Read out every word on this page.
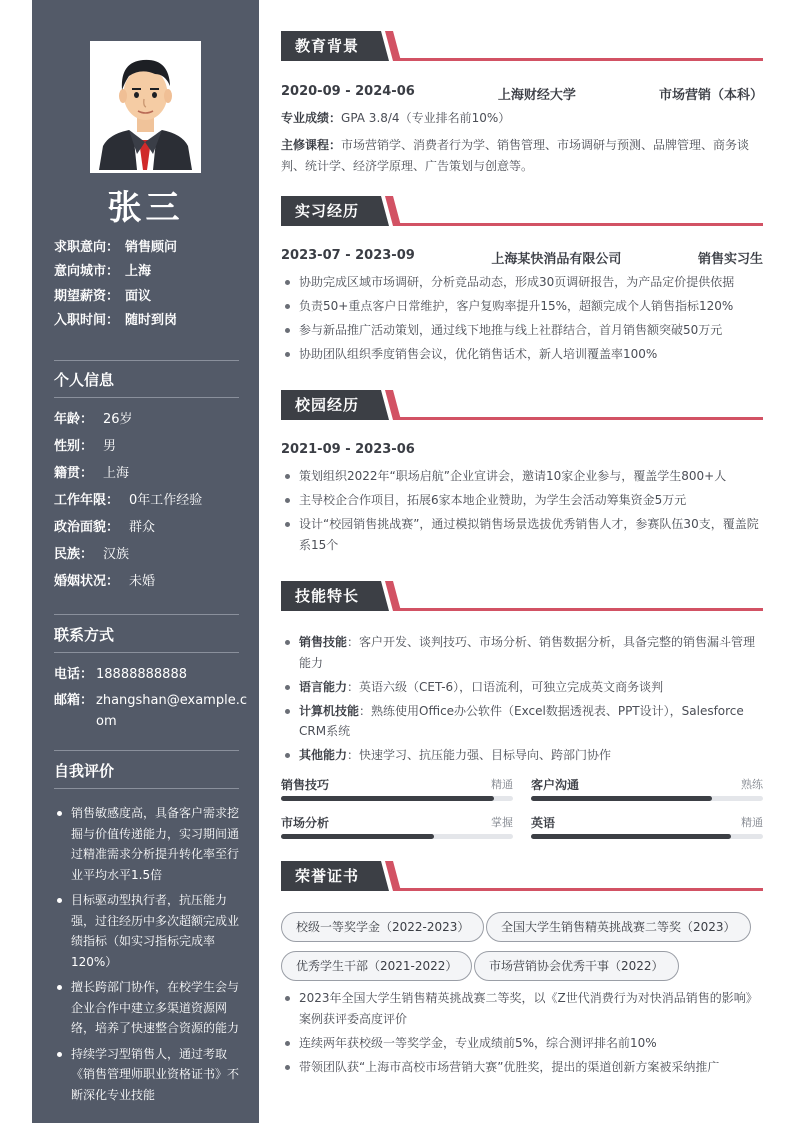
张三
求职意向： 销售顾问
意向城市： 上海
期望薪资： 面议
入职时间： 随时到岗
个人信息
年龄： 26岁
性别： 男
籍贯： 上海
工作年限： 0年工作经验
政治面貌： 群众
民族： 汉族
婚姻状况： 未婚
联系方式
电话： 18888888888
邮箱： zhangshan@example.com
自我评价
销售敏感度高，具备客户需求挖掘与价值传递能力，实习期间通过精准需求分析提升转化率至行业平均水平1.5倍
目标驱动型执行者，抗压能力强，过往经历中多次超额完成业绩指标（如实习指标完成率120%）
擅长跨部门协作，在校学生会与企业合作中建立多渠道资源网络，培养了快速整合资源的能力
持续学习型销售人，通过考取《销售管理师职业资格证书》不断深化专业技能
教育背景
2020-09 - 2024-06	上海财经大学	市场营销（本科）
专业成绩：GPA 3.8/4（专业排名前10%）
主修课程：市场营销学、消费者行为学、销售管理、市场调研与预测、品牌管理、商务谈判、统计学、经济学原理、广告策划与创意等。
实习经历
2023-07 - 2023-09	上海某快消品有限公司	销售实习生
协助完成区域市场调研，分析竞品动态，形成30页调研报告，为产品定价提供依据
负责50+重点客户日常维护，客户复购率提升15%，超额完成个人销售指标120%
参与新品推广活动策划，通过线下地推与线上社群结合，首月销售额突破50万元
协助团队组织季度销售会议，优化销售话术，新人培训覆盖率100%
校园经历
2021-09 - 2023-06
策划组织2022年“职场启航”企业宣讲会，邀请10家企业参与，覆盖学生800+人
主导校企合作项目，拓展6家本地企业赞助，为学生会活动筹集资金5万元
设计“校园销售挑战赛”，通过模拟销售场景选拔优秀销售人才，参赛队伍30支，覆盖院系15个
技能特长
销售技能：客户开发、谈判技巧、市场分析、销售数据分析，具备完整的销售漏斗管理能力
语言能力：英语六级（CET-6），口语流利，可独立完成英文商务谈判
计算机技能：熟练使用Office办公软件（Excel数据透视表、PPT设计），Salesforce CRM系统
其他能力：快速学习、抗压能力强、目标导向、跨部门协作
销售技巧	精通 客户沟通	熟练
市场分析	掌握 英语	精通
荣誉证书
校级一等奖学金（2022-2023）	全国大学生销售精英挑战赛二等奖（2023）
优秀学生干部（2021-2022）	市场营销协会优秀干事（2022）
2023年全国大学生销售精英挑战赛二等奖，以《Z世代消费行为对快消品销售的影响》案例获评委高度评价
连续两年获校级一等奖学金，专业成绩前5%，综合测评排名前10%
带领团队获“上海市高校市场营销大赛”优胜奖，提出的渠道创新方案被采纳推广
